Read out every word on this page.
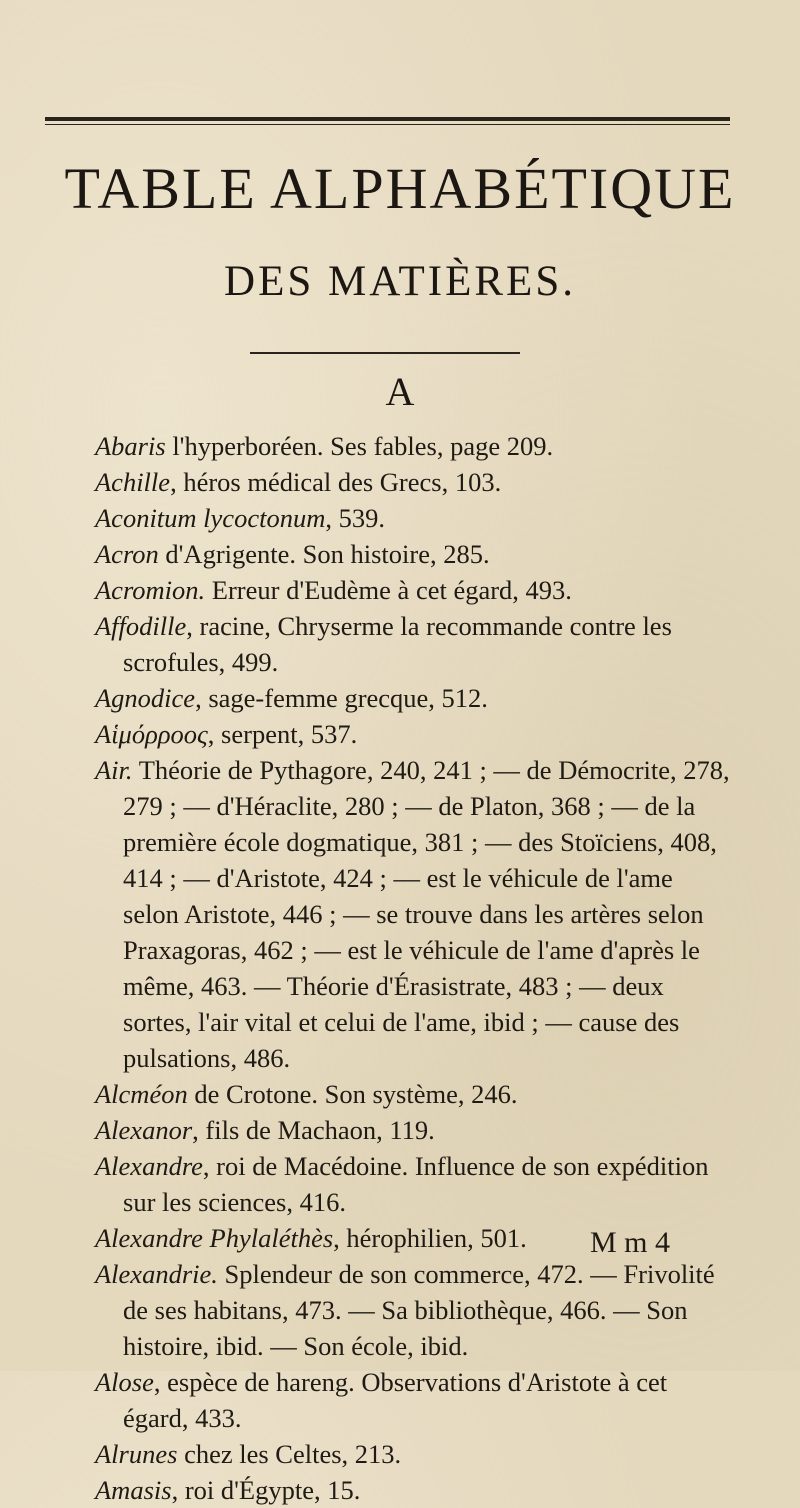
TABLE ALPHABÉTIQUE
DES MATIÈRES.
A

Abaris l'hyperboréen. Ses fables, page 209.

Achille, héros médical des Grecs, 103.

Aconitum lycoctonum, 539.

Acron d'Agrigente. Son histoire, 285.

Acromion. Erreur d'Eudème à cet égard, 493.

Affodille, racine, Chryserme la recommande contre les scrofules, 499.

Agnodice, sage-femme grecque, 512.

Αἱμόρροος, serpent, 537.

Air. Théorie de Pythagore, 240, 241 ; — de Démocrite, 278, 279 ; — d'Héraclite, 280 ; — de Platon, 368 ; — de la première école dogmatique, 381 ; — des Stoïciens, 408, 414 ; — d'Aristote, 424 ; — est le véhicule de l'ame selon Aristote, 446 ; — se trouve dans les artères selon Praxagoras, 462 ; — est le véhicule de l'ame d'après le même, 463. — Théorie d'Érasistrate, 483 ; — deux sortes, l'air vital et celui de l'ame, ibid ; — cause des pulsations, 486.

Alcméon de Crotone. Son système, 246.

Alexanor, fils de Machaon, 119.

Alexandre, roi de Macédoine. Influence de son expédition sur les sciences, 416.

Alexandre Phylaléthès, hérophilien, 501.

Alexandrie. Splendeur de son commerce, 472. — Frivolité de ses habitans, 473. — Sa bibliothèque, 466. — Son histoire, ibid. — Son école, ibid.

Alose, espèce de hareng. Observations d'Aristote à cet égard, 433.

Alrunes chez les Celtes, 213.

Amasis, roi d'Égypte, 15.

M m 4
